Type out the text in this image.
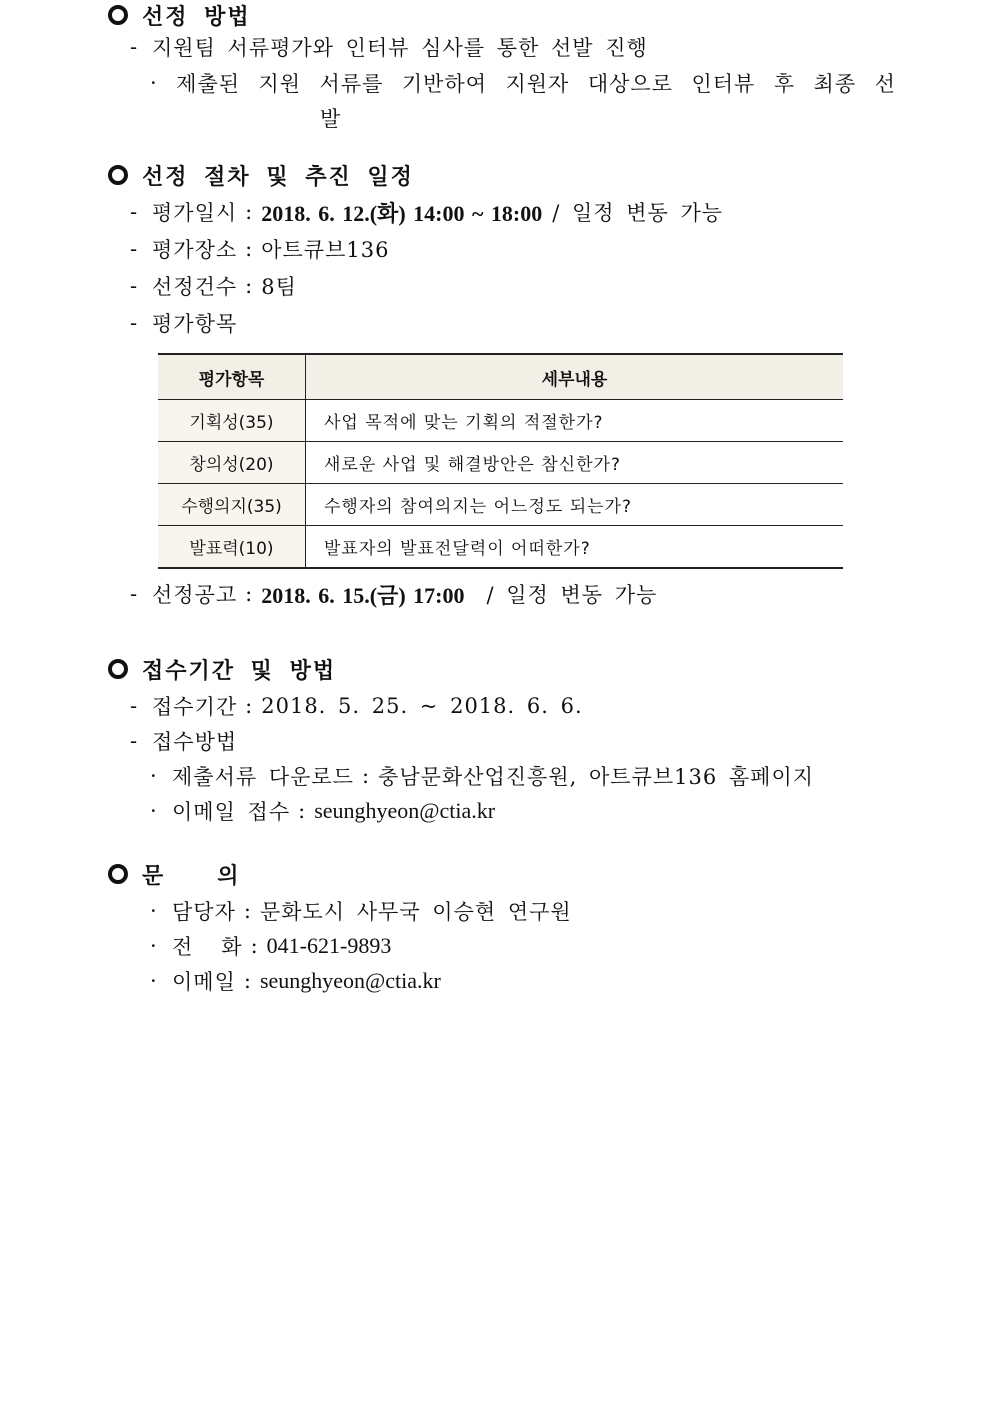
선정 방법
- 지원팀 서류평가와 인터뷰 심사를 통한 선발 진행
· 제출된 지원 서류를 기반하여 지원자 대상으로 인터뷰 후 최종 선
발
선정 절차 및 추진 일정
- 평가일시 : 2018. 6. 12.(화) 14:00 ~ 18:00 / 일정 변동 가능
- 평가장소 : 아트큐브136
- 선정건수 : 8팀
- 평가항목
평가항목	세부내용
기획성(35)	사업 목적에 맞는 기획의 적절한가?
창의성(20)	새로운 사업 및 해결방안은 참신한가?
수행의지(35)	수행자의 참여의지는 어느정도 되는가?
발표력(10)	발표자의 발표전달력이 어떠한가?
- 선정공고 : 2018. 6. 15.(금) 17:00 / 일정 변동 가능
접수기간 및 방법
- 접수기간 : 2018. 5. 25. ~ 2018. 6. 6.
- 접수방법
· 제출서류 다운로드 : 충남문화산업진흥원, 아트큐브136 홈페이지
· 이메일 접수 : seunghyeon@ctia.kr
문 의
· 담당자 : 문화도시 사무국 이승현 연구원
· 전 화 : 041-621-9893
· 이메일 : seunghyeon@ctia.kr
